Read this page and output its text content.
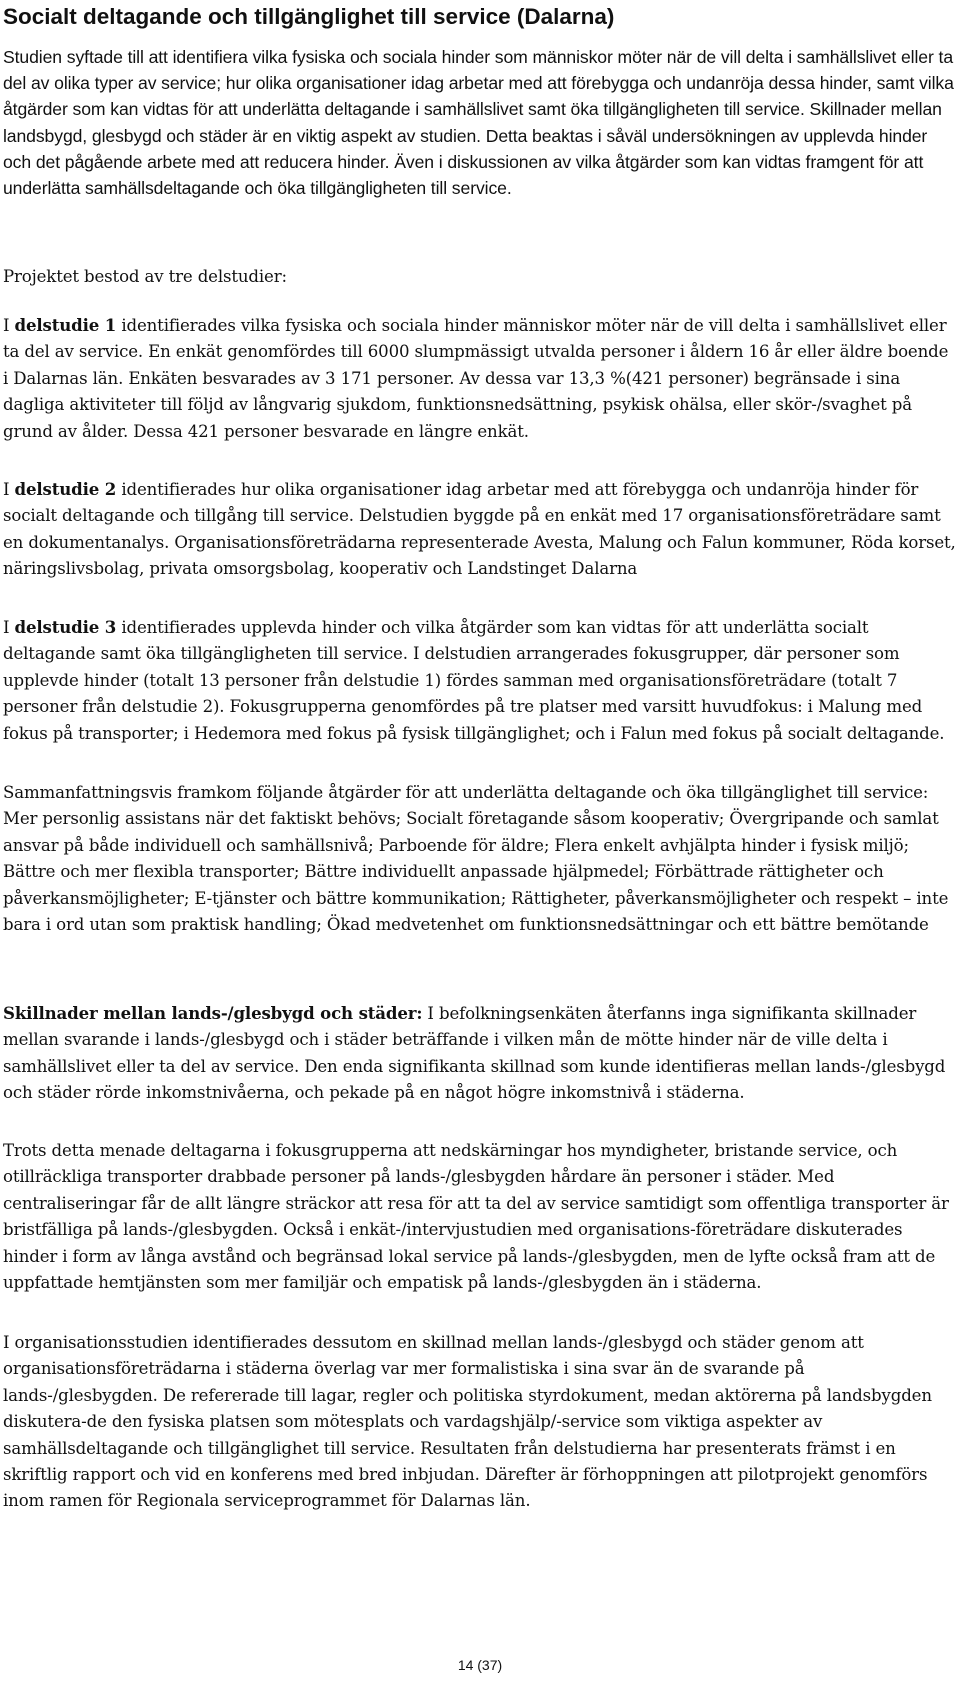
Socialt deltagande och tillgänglighet till service (Dalarna)

Studien syftade till att identifiera vilka fysiska och sociala hinder som människor möter när de vill delta i samhällslivet eller ta del av olika typer av service; hur olika organisationer idag arbetar med att förebygga och undanröja dessa hinder, samt vilka åtgärder som kan vidtas för att underlätta deltagande i samhällslivet samt öka tillgängligheten till service. Skillnader mellan landsbygd, glesbygd och städer är en viktig aspekt av studien. Detta beaktas i såväl undersökningen av upplevda hinder och det pågående arbete med att reducera hinder. Även i diskussionen av vilka åtgärder som kan vidtas framgent för att underlätta samhällsdeltagande och öka tillgängligheten till service.

Projektet bestod av tre delstudier:

I delstudie 1 identifierades vilka fysiska och sociala hinder människor möter när de vill delta i samhällslivet eller ta del av service. En enkät genomfördes till 6000 slumpmässigt utvalda personer i åldern 16 år eller äldre boende i Dalarnas län. Enkäten besvarades av 3 171 personer. Av dessa var 13,3 %(421 personer) begränsade i sina dagliga aktiviteter till följd av långvarig sjukdom, funktionsnedsättning, psykisk ohälsa, eller skör-/svaghet på grund av ålder. Dessa 421 personer besvarade en längre enkät.

I delstudie 2 identifierades hur olika organisationer idag arbetar med att förebygga och undanröja hinder för socialt deltagande och tillgång till service. Delstudien byggde på en enkät med 17 organisationsföreträdare samt en dokumentanalys. Organisationsföreträdarna representerade Avesta, Malung och Falun kommuner, Röda korset, näringslivsbolag, privata omsorgsbolag, kooperativ och Landstinget Dalarna

I delstudie 3 identifierades upplevda hinder och vilka åtgärder som kan vidtas för att underlätta socialt deltagande samt öka tillgängligheten till service. I delstudien arrangerades fokusgrupper, där personer som upplevde hinder (totalt 13 personer från delstudie 1) fördes samman med organisationsföreträdare (totalt 7 personer från delstudie 2). Fokusgrupperna genomfördes på tre platser med varsitt huvudfokus: i Malung med fokus på transporter; i Hedemora med fokus på fysisk tillgänglighet; och i Falun med fokus på socialt deltagande.

Sammanfattningsvis framkom följande åtgärder för att underlätta deltagande och öka tillgänglighet till service: Mer personlig assistans när det faktiskt behövs; Socialt företagande såsom kooperativ; Övergripande och samlat ansvar på både individuell och samhällsnivå; Parboende för äldre; Flera enkelt avhjälpta hinder i fysisk miljö; Bättre och mer flexibla transporter; Bättre individuellt anpassade hjälpmedel; Förbättrade rättigheter och påverkansmöjligheter; E-tjänster och bättre kommunikation; Rättigheter, påverkansmöjligheter och respekt – inte bara i ord utan som praktisk handling; Ökad medvetenhet om funktionsnedsättningar och ett bättre bemötande

Skillnader mellan lands-/glesbygd och städer: I befolkningsenkäten återfanns inga signifikanta skillnader mellan svarande i lands-/glesbygd och i städer beträffande i vilken mån de mötte hinder när de ville delta i samhällslivet eller ta del av service. Den enda signifikanta skillnad som kunde identifieras mellan lands-/glesbygd och städer rörde inkomstnivåerna, och pekade på en något högre inkomstnivå i städerna.

Trots detta menade deltagarna i fokusgrupperna att nedskärningar hos myndigheter, bristande service, och otillräckliga transporter drabbade personer på lands-/glesbygden hårdare än personer i städer. Med centraliseringar får de allt längre sträckor att resa för att ta del av service samtidigt som offentliga transporter är bristfälliga på lands-/glesbygden. Också i enkät-/intervjustudien med organisations-företrädare diskuterades hinder i form av långa avstånd och begränsad lokal service på lands-/glesbygden, men de lyfte också fram att de uppfattade hemtjänsten som mer familjär och empatisk på lands-/glesbygden än i städerna.

I organisationsstudien identifierades dessutom en skillnad mellan lands-/glesbygd och städer genom att organisationsföreträdarna i städerna överlag var mer formalistiska i sina svar än de svarande på lands-/glesbygden. De refererade till lagar, regler och politiska styrdokument, medan aktörerna på landsbygden diskutera-de den fysiska platsen som mötesplats och vardagshjälp/-service som viktiga aspekter av samhällsdeltagande och tillgänglighet till service. Resultaten från delstudierna har presenterats främst i en skriftlig rapport och vid en konferens med bred inbjudan. Därefter är förhoppningen att pilotprojekt genomförs inom ramen för Regionala serviceprogrammet för Dalarnas län.

14 (37)
